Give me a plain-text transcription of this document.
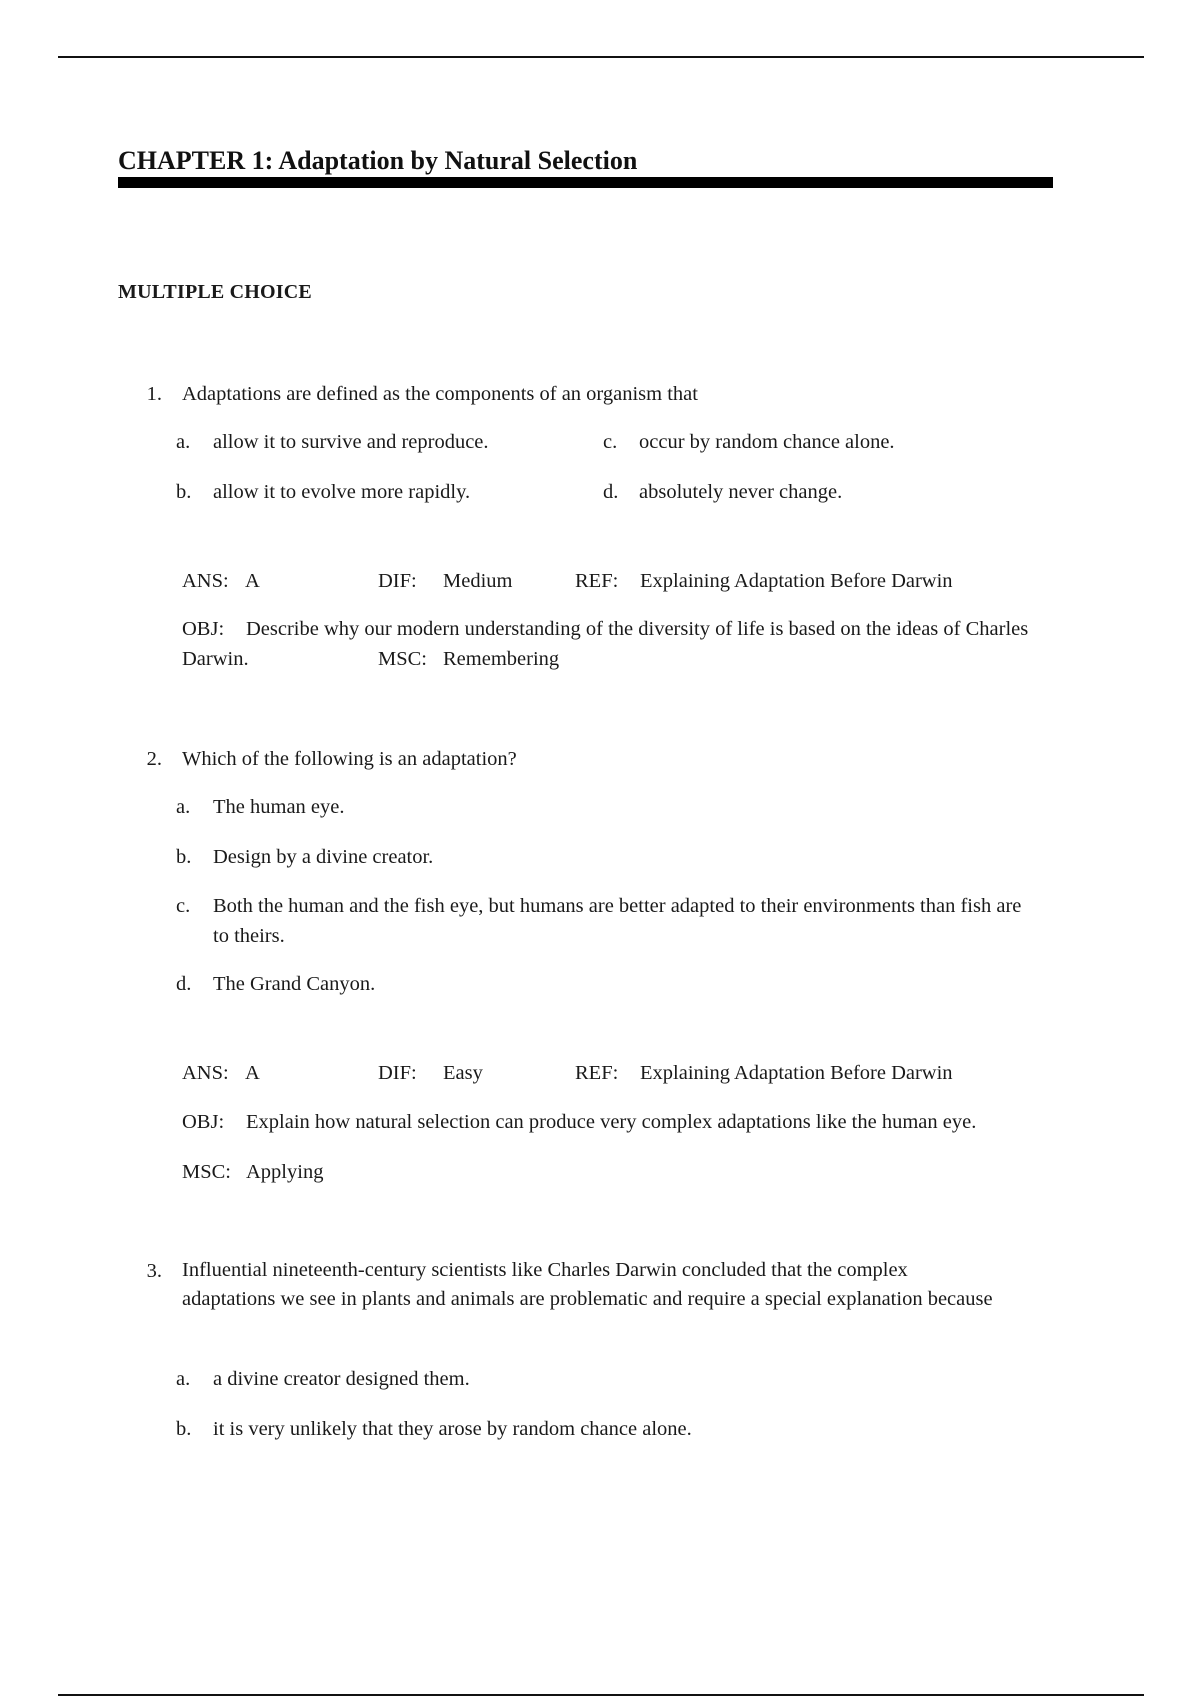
CHAPTER 1: Adaptation by Natural Selection
MULTIPLE CHOICE
1. Adaptations are defined as the components of an organism that
a. allow it to survive and reproduce.	c. occur by random chance alone.
b. allow it to evolve more rapidly.	d. absolutely never change.
ANS: A	DIF: Medium	REF: Explaining Adaptation Before Darwin
OBJ:	Describe why our modern understanding of the diversity of life is based on the ideas of Charles Darwin.	MSC: Remembering
2. Which of the following is an adaptation?
a. The human eye.
b. Design by a divine creator.
c. Both the human and the fish eye, but humans are better adapted to their environments than fish are to theirs.
d. The Grand Canyon.
ANS: A	DIF: Easy	REF: Explaining Adaptation Before Darwin
OBJ: Explain how natural selection can produce very complex adaptations like the human eye.
MSC: Applying
3. Influential nineteenth-century scientists like Charles Darwin concluded that the complex adaptations we see in plants and animals are problematic and require a special explanation because
a. a divine creator designed them.
b. it is very unlikely that they arose by random chance alone.
